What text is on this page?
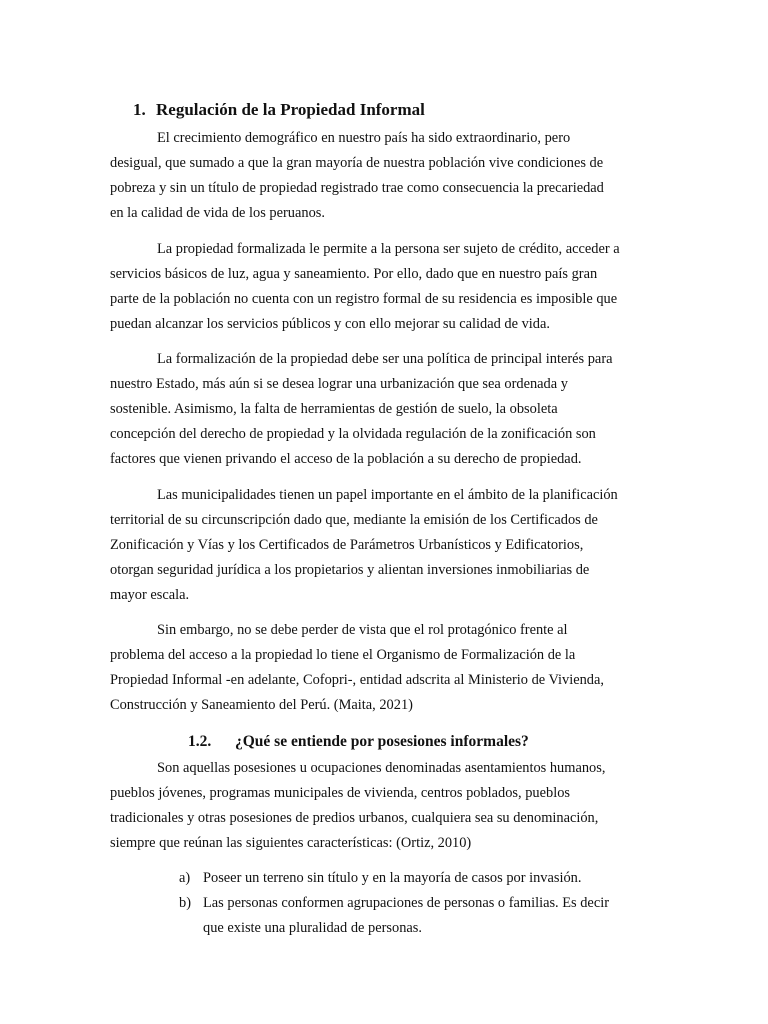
1. Regulación de la Propiedad Informal
El crecimiento demográfico en nuestro país ha sido extraordinario, pero
desigual, que sumado a que la gran mayoría de nuestra población vive condiciones de
pobreza y sin un título de propiedad registrado trae como consecuencia la precariedad
en la calidad de vida de los peruanos.
La propiedad formalizada le permite a la persona ser sujeto de crédito, acceder a
servicios básicos de luz, agua y saneamiento. Por ello, dado que en nuestro país gran
parte de la población no cuenta con un registro formal de su residencia es imposible que
puedan alcanzar los servicios públicos y con ello mejorar su calidad de vida.
La formalización de la propiedad debe ser una política de principal interés para
nuestro Estado, más aún si se desea lograr una urbanización que sea ordenada y
sostenible. Asimismo, la falta de herramientas de gestión de suelo, la obsoleta
concepción del derecho de propiedad y la olvidada regulación de la zonificación son
factores que vienen privando el acceso de la población a su derecho de propiedad.
Las municipalidades tienen un papel importante en el ámbito de la planificación
territorial de su circunscripción dado que, mediante la emisión de los Certificados de
Zonificación y Vías y los Certificados de Parámetros Urbanísticos y Edificatorios,
otorgan seguridad jurídica a los propietarios y alientan inversiones inmobiliarias de
mayor escala.
Sin embargo, no se debe perder de vista que el rol protagónico frente al
problema del acceso a la propiedad lo tiene el Organismo de Formalización de la
Propiedad Informal -en adelante, Cofopri-, entidad adscrita al Ministerio de Vivienda,
Construcción y Saneamiento del Perú. (Maita, 2021)
1.2. ¿Qué se entiende por posesiones informales?
Son aquellas posesiones u ocupaciones denominadas asentamientos humanos,
pueblos jóvenes, programas municipales de vivienda, centros poblados, pueblos
tradicionales y otras posesiones de predios urbanos, cualquiera sea su denominación,
siempre que reúnan las siguientes características: (Ortiz, 2010)
a) Poseer un terreno sin título y en la mayoría de casos por invasión.
b) Las personas conformen agrupaciones de personas o familias. Es decir
que existe una pluralidad de personas.
